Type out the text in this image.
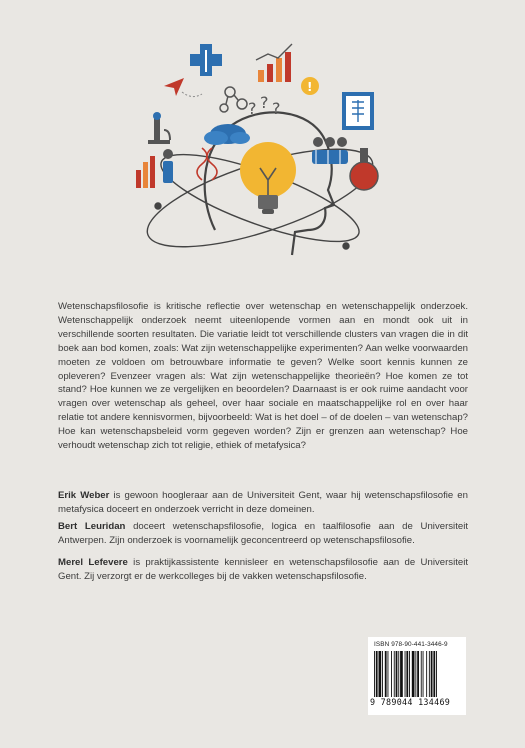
? ? ?
!

Wetenschapsfilosofie is kritische reflectie over wetenschap en wetenschappelijk onderzoek. Wetenschappelijk onderzoek neemt uiteenlopende vormen aan en mondt ook uit in verschillende soorten resultaten. Die variatie leidt tot verschillende clusters van vragen die in dit boek aan bod komen, zoals: Wat zijn wetenschappelijke experimenten? Aan welke voorwaarden moeten ze voldoen om betrouwbare informatie te geven? Welke soort kennis kunnen ze opleveren? Evenzeer vragen als: Wat zijn wetenschappelijke theorieën? Hoe komen ze tot stand? Hoe kunnen we ze vergelijken en beoordelen? Daarnaast is er ook ruime aandacht voor vragen over wetenschap als geheel, over haar sociale en maatschappelijke rol en over haar relatie tot andere kennisvormen, bijvoorbeeld: Wat is het doel – of de doelen – van wetenschap? Hoe kan wetenschapsbeleid vorm gegeven worden? Zijn er grenzen aan wetenschap? Hoe verhoudt wetenschap zich tot religie, ethiek of metafysica?

Erik Weber is gewoon hoogleraar aan de Universiteit Gent, waar hij wetenschapsfilosofie en metafysica doceert en onderzoek verricht in deze domeinen.

Bert Leuridan doceert wetenschapsfilosofie, logica en taalfilosofie aan de Universiteit Antwerpen. Zijn onderzoek is voornamelijk geconcentreerd op wetenschapsfilosofie.

Merel Lefevere is praktijkassistente kennisleer en wetenschapsfilosofie aan de Universiteit Gent. Zij verzorgt er de werkcolleges bij de vakken wetenschapsfilosofie.

ISBN 978-90-441-3446-9
9 789044 134469
